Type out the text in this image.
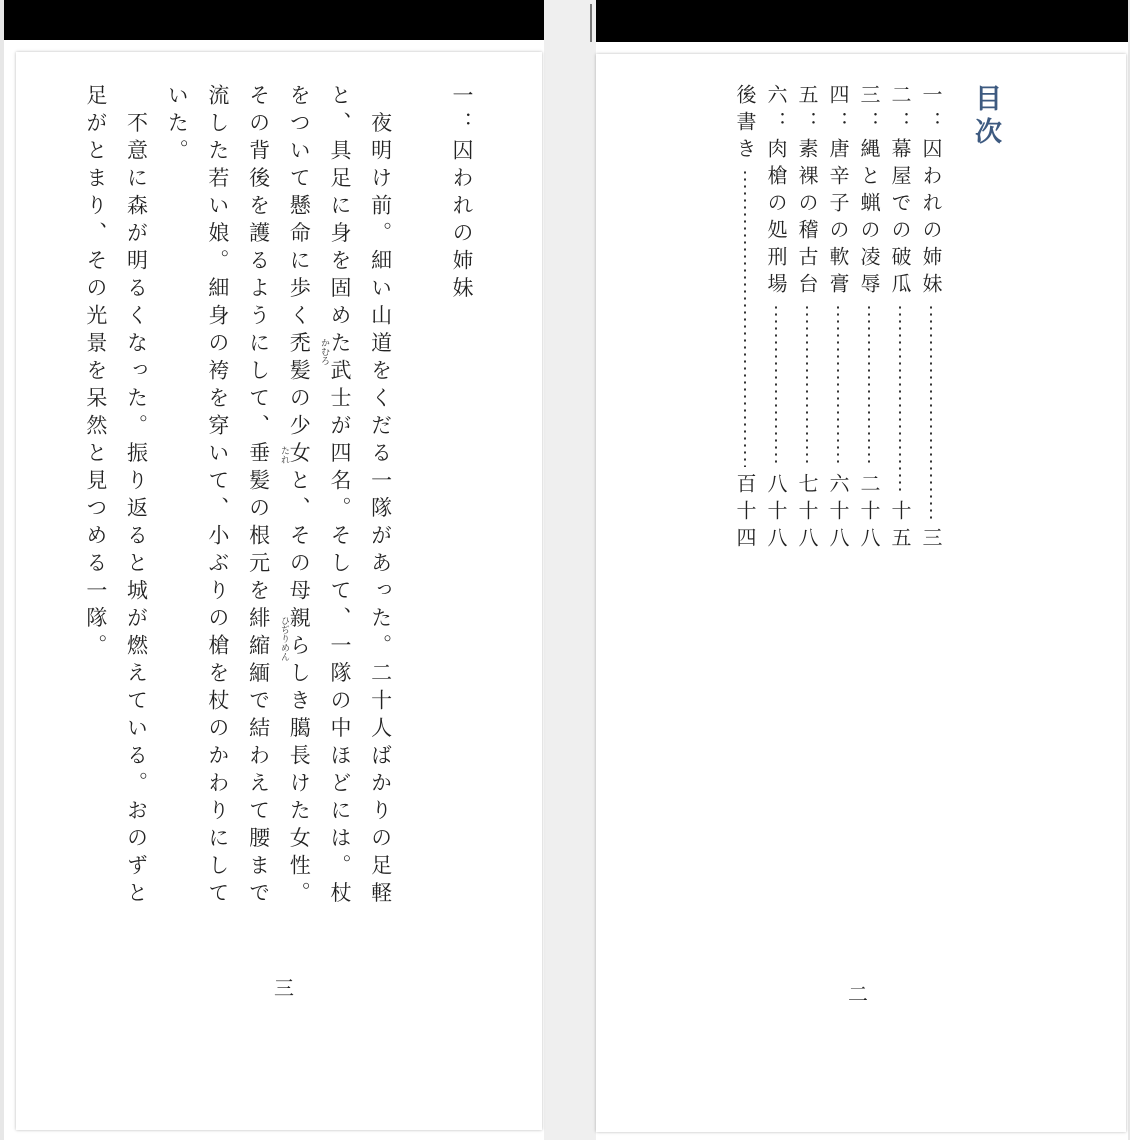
一：囚われの姉妹
　夜明け前。細い山道をくだる一隊があった。二十人ばかりの足軽
と、具足に身を固めた武士が四名。そして、一隊の中ほどには。杖
をついて懸命に歩く禿髪の少女と、その母親らしき臈長けた女性。
その背後を護るようにして、垂髪の根元を緋縮緬で結わえて腰まで
流した若い娘。細身の袴を穿いて、小ぶりの槍を杖のかわりにして
いた。
　不意に森が明るくなった。振り返ると城が燃えている。おのずと
足がとまり、その光景を呆然と見つめる一隊。	かむろ
たれ
ひぢりめん
三
目次
一：囚われの姉妹
三
二：幕屋での破瓜
十五
三：縄と蝋の凌辱
二十八
四：唐辛子の軟膏
六十八
五：素裸の稽古台
七十八
六：肉槍の処刑場
八十八
後書き
百十四
二
